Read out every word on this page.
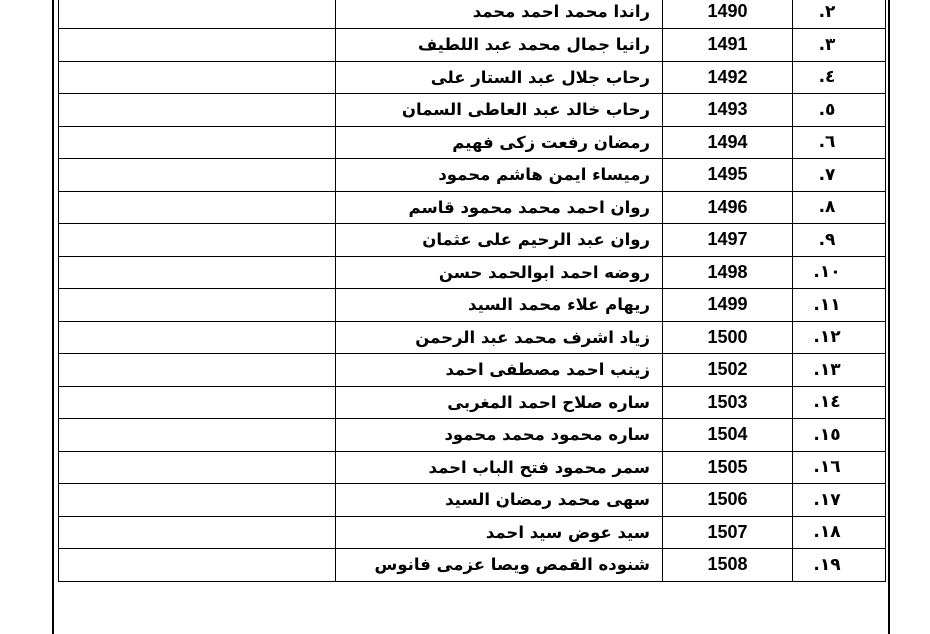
.٢	1490	راندا محمد احمد محمد	
.٣	1491	رانيا جمال محمد عبد اللطيف	
.٤	1492	رحاب جلال عبد الستار على	
.٥	1493	رحاب خالد عبد العاطى السمان	
.٦	1494	رمضان رفعت زكى فهيم	
.٧	1495	رميساء ايمن هاشم محمود	
.٨	1496	روان احمد محمد محمود قاسم	
.٩	1497	روان عبد الرحيم على عثمان	
.١٠	1498	روضه احمد ابوالحمد حسن	
.١١	1499	ريهام علاء محمد السيد	
.١٢	1500	زياد اشرف محمد عبد الرحمن	
.١٣	1502	زينب احمد مصطفى احمد	
.١٤	1503	ساره صلاح احمد المغربى	
.١٥	1504	ساره محمود محمد محمود	
.١٦	1505	سمر محمود فتح الباب احمد	
.١٧	1506	سهى محمد رمضان السيد	
.١٨	1507	سيد عوض سيد احمد	
.١٩	1508	شنوده القمص ويصا عزمى فانوس	
